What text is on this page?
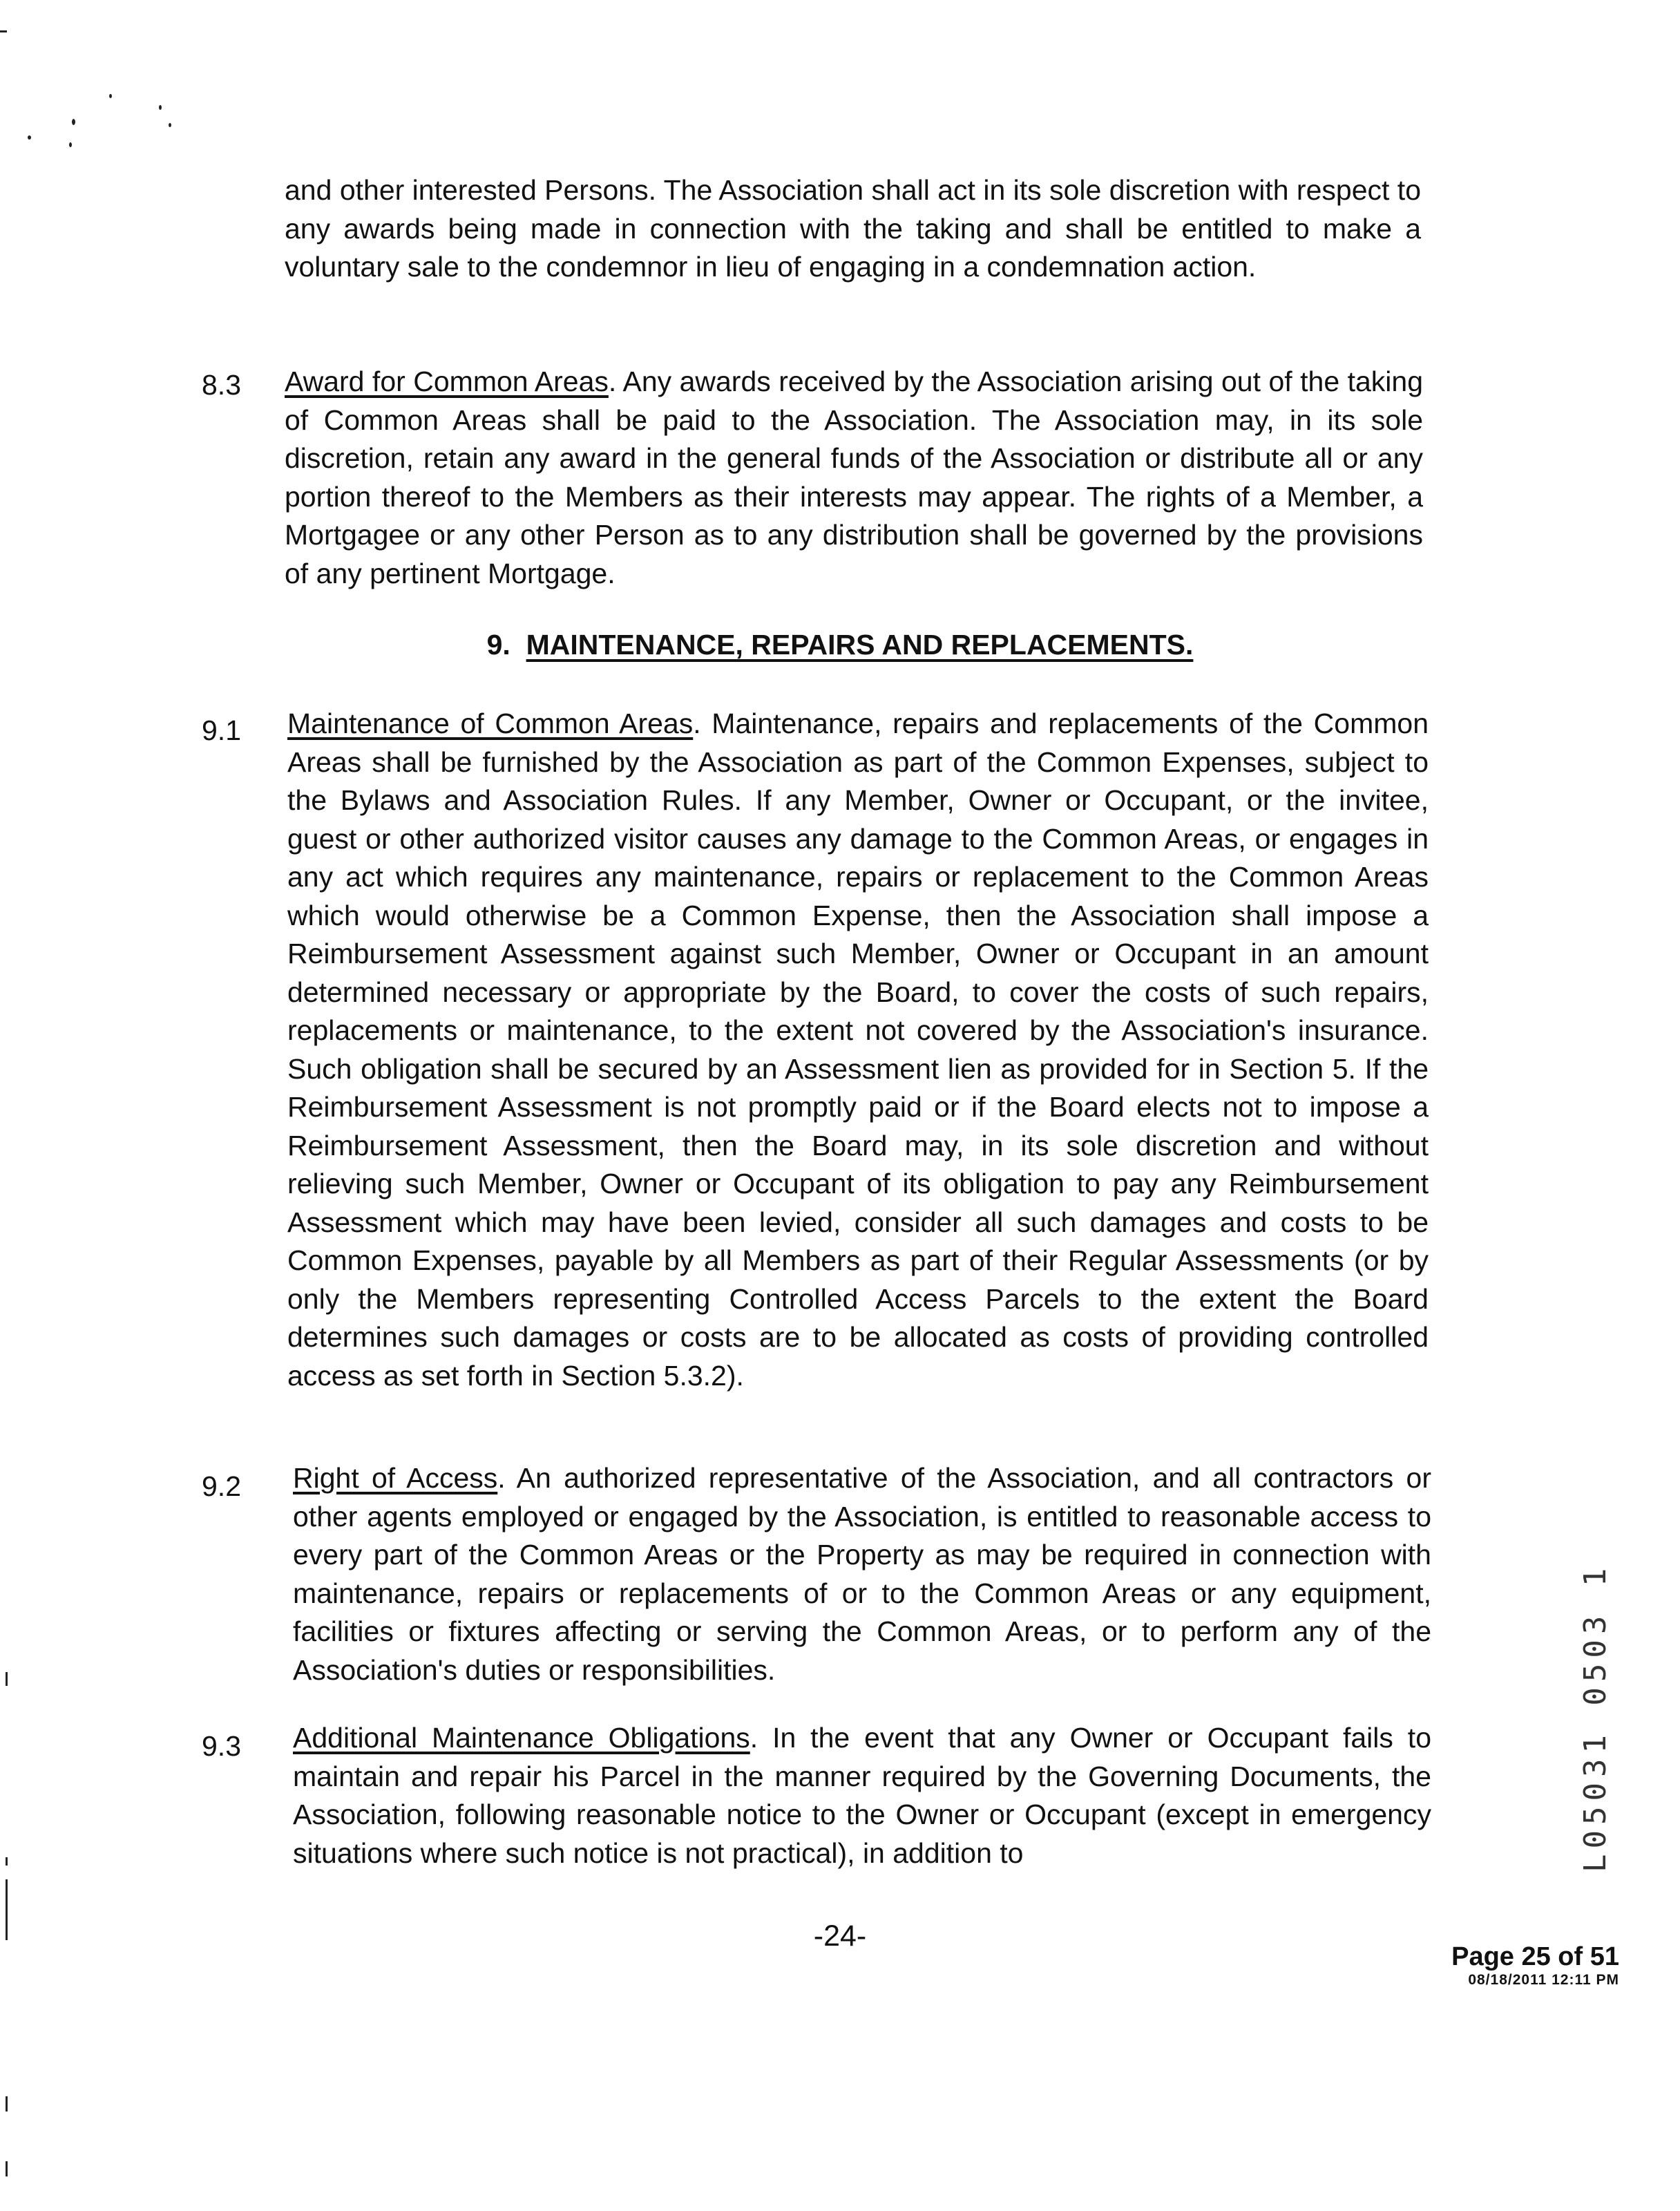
and other interested Persons. The Association shall act in its sole discretion with respect to any awards being made in connection with the taking and shall be entitled to make a voluntary sale to the condemnor in lieu of engaging in a condemnation action.

8.3 Award for Common Areas. Any awards received by the Association arising out of the taking of Common Areas shall be paid to the Association. The Association may, in its sole discretion, retain any award in the general funds of the Association or distribute all or any portion thereof to the Members as their interests may appear. The rights of a Member, a Mortgagee or any other Person as to any distribution shall be governed by the provisions of any pertinent Mortgage.

9. MAINTENANCE, REPAIRS AND REPLACEMENTS.
9.1 Maintenance of Common Areas. Maintenance, repairs and replacements of the Common Areas shall be furnished by the Association as part of the Common Expenses, subject to the Bylaws and Association Rules. If any Member, Owner or Occupant, or the invitee, guest or other authorized visitor causes any damage to the Common Areas, or engages in any act which requires any maintenance, repairs or replacement to the Common Areas which would otherwise be a Common Expense, then the Association shall impose a Reimbursement Assessment against such Member, Owner or Occupant in an amount determined necessary or appropriate by the Board, to cover the costs of such repairs, replacements or maintenance, to the extent not covered by the Association's insurance. Such obligation shall be secured by an Assessment lien as provided for in Section 5. If the Reimbursement Assessment is not promptly paid or if the Board elects not to impose a Reimbursement Assessment, then the Board may, in its sole discretion and without relieving such Member, Owner or Occupant of its obligation to pay any Reimbursement Assessment which may have been levied, consider all such damages and costs to be Common Expenses, payable by all Members as part of their Regular Assessments (or by only the Members representing Controlled Access Parcels to the extent the Board determines such damages or costs are to be allocated as costs of providing controlled access as set forth in Section 5.3.2).

9.2 Right of Access. An authorized representative of the Association, and all contractors or other agents employed or engaged by the Association, is entitled to reasonable access to every part of the Common Areas or the Property as may be required in connection with maintenance, repairs or replacements of or to the Common Areas or any equipment, facilities or fixtures affecting or serving the Common Areas, or to perform any of the Association's duties or responsibilities.

9.3 Additional Maintenance Obligations. In the event that any Owner or Occupant fails to maintain and repair his Parcel in the manner required by the Governing Documents, the Association, following reasonable notice to the Owner or Occupant (except in emergency situations where such notice is not practical), in addition to	L05031 0503 1
-24-
Page 25 of 51
08/18/2011 12:11 PM
